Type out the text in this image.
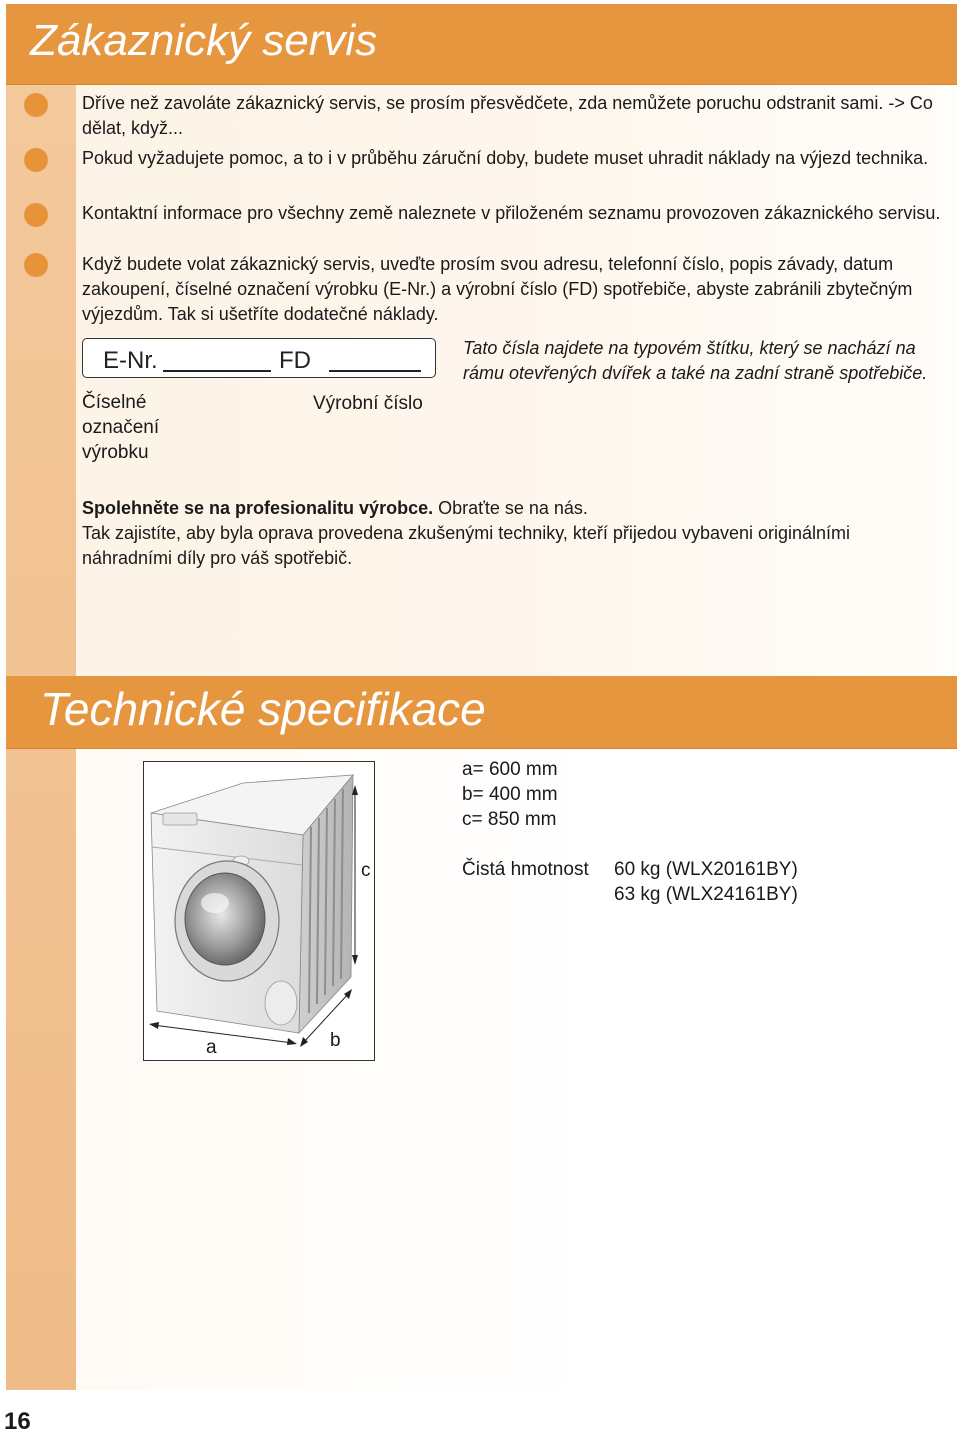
Zákaznický servis

Dříve než zavoláte zákaznický servis, se prosím přesvědčete, zda nemůžete poruchu odstranit sami. -> Co dělat, když...

Pokud vyžadujete pomoc, a to i v průběhu záruční doby, budete muset uhradit náklady na výjezd technika.

Kontaktní informace pro všechny země naleznete v přiloženém seznamu provozoven zákaznického servisu.

Když budete volat zákaznický servis, uveďte prosím svou adresu, telefonní číslo, popis závady, datum zakoupení, číselné označení výrobku (E-Nr.) a výrobní číslo (FD) spotřebiče, abyste zabránili zbytečným výjezdům. Tak si ušetříte dodatečné náklady.

E-Nr.	FD
Číselné
označení
výrobku
Výrobní číslo
Tato čísla najdete na typovém štítku, který se nachází na rámu otevřených dvířek a také na zadní straně spotřebiče.

Spolehněte se na profesionalitu výrobce. Obraťte se na nás.

Tak zajistíte, aby byla oprava provedena zkušenými techniky, kteří přijedou vybaveni originálními náhradními díly pro váš spotřebič.

Technické specifikace
c
a	b
a= 600 mm
b= 400 mm
c= 850 mm
Čistá hmotnost 60 kg (WLX20161BY)
63 kg (WLX24161BY)
16
